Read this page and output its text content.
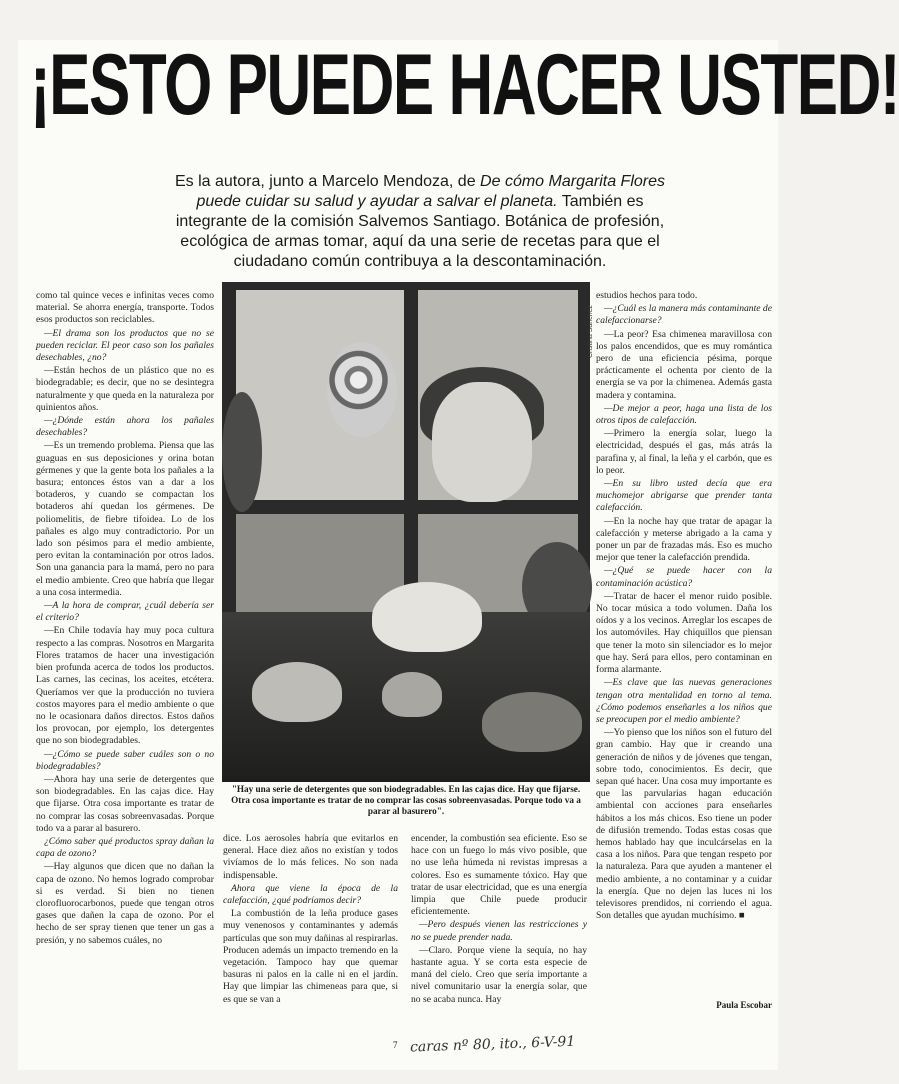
¡ESTO PUEDE HACER USTED!
Es la autora, junto a Marcelo Mendoza, de De cómo Margarita Flores puede cuidar su salud y ayudar a salvar el planeta. También es integrante de la comisión Salvemos Santiago. Botánica de profesión, ecológica de armas tomar, aquí da una serie de recetas para que el ciudadano común contribuya a la descontaminación.

como tal quince veces e infinitas veces como material. Se ahorra energía, transporte. Todos esos productos son reciclables.

—El drama son los productos que no se pueden reciclar. El peor caso son los pañales desechables, ¿no?

—Están hechos de un plástico que no es biodegradable; es decir, que no se desintegra naturalmente y que queda en la naturaleza por quinientos años.

—¿Dónde están ahora los pañales desechables?

—Es un tremendo problema. Piensa que las guaguas en sus deposiciones y orina botan gérmenes y que la gente bota los pañales a la basura; entonces éstos van a dar a los botaderos, y cuando se compactan los botaderos ahí quedan los gérmenes. De poliomelitis, de fiebre tifoidea. Lo de los pañales es algo muy contradictorio. Por un lado son pésimos para el medio ambiente, pero evitan la contaminación por otros lados. Son una ganancia para la mamá, pero no para el medio ambiente. Creo que habría que llegar a una cosa intermedia.

—A la hora de comprar, ¿cuál debería ser el criterio?

—En Chile todavía hay muy poca cultura respecto a las compras. Nosotros en Margarita Flores tratamos de hacer una investigación bien profunda acerca de todos los productos. Las carnes, las cecinas, los aceites, etcétera. Queríamos ver que la producción no tuviera costos mayores para el medio ambiente o que no le ocasionara daños directos. Estos daños los provocan, por ejemplo, los detergentes que no son biodegradables.

—¿Cómo se puede saber cuáles son o no biodegradables?

—Ahora hay una serie de detergentes que son biodegradables. En las cajas dice. Hay que fijarse. Otra cosa importante es tratar de no comprar las cosas sobreenvasadas. Porque todo va a parar al basurero.

¿Cómo saber qué productos spray dañan la capa de ozono?

—Hay algunos que dicen que no dañan la capa de ozono. No hemos logrado comprobar si es verdad. Si bien no tienen clorofluorocarbonos, puede que tengan otros gases que dañen la capa de ozono. Por el hecho de ser spray tienen que tener un gas a presión, y no sabemos cuáles, no

Cristina Sánchez
"Hay una serie de detergentes que son biodegradables. En las cajas dice. Hay que fijarse. Otra cosa importante es tratar de no comprar las cosas sobreenvasadas. Porque todo va a parar al basurero".

dice. Los aerosoles habría que evitarlos en general. Hace diez años no existían y todos vivíamos de lo más felices. No son nada indispensable.

Ahora que viene la época de la calefacción, ¿qué podríamos decir?

La combustión de la leña produce gases muy venenosos y contaminantes y además partículas que son muy dañinas al respirarlas. Producen además un impacto tremendo en la vegetación. Tampoco hay que quemar basuras ni palos en la calle ni en el jardín. Hay que limpiar las chimeneas para que, si es que se van a

encender, la combustión sea eficiente. Eso se hace con un fuego lo más vivo posible, que no use leña húmeda ni revistas impresas a colores. Eso es sumamente tóxico. Hay que tratar de usar electricidad, que es una energía limpia que Chile puede producir eficientemente.

—Pero después vienen las restricciones y no se puede prender nada.

—Claro. Porque viene la sequía, no hay hastante agua. Y se corta esta especie de maná del cielo. Creo que sería importante a nivel comunitario usar la energía solar, que no se acaba nunca. Hay

estudios hechos para todo.

—¿Cuál es la manera más contaminante de calefaccionarse?

—La peor? Esa chimenea maravillosa con los palos encendidos, que es muy romántica pero de una eficiencia pésima, porque prácticamente el ochenta por ciento de la energía se va por la chimenea. Además gasta madera y contamina.

—De mejor a peor, haga una lista de los otros tipos de calefacción.

—Primero la energía solar, luego la electricidad, después el gas, más atrás la parafina y, al final, la leña y el carbón, que es lo peor.

—En su libro usted decía que era muchomejor abrigarse que prender tanta calefacción.

—En la noche hay que tratar de apagar la calefacción y meterse abrigado a la cama y poner un par de frazadas más. Eso es mucho mejor que tener la calefacción prendida.

—¿Qué se puede hacer con la contaminación acústica?

—Tratar de hacer el menor ruido posible. No tocar música a todo volumen. Daña los oídos y a los vecinos. Arreglar los escapes de los automóviles. Hay chiquillos que piensan que tener la moto sin silenciador es lo mejor que hay. Será para ellos, pero contaminan en forma alarmante.

—Es clave que las nuevas generaciones tengan otra mentalidad en torno al tema. ¿Cómo podemos enseñarles a los niños que se preocupen por el medio ambiente?

—Yo pienso que los niños son el futuro del gran cambio. Hay que ir creando una generación de niños y de jóvenes que tengan, sobre todo, conocimientos. Es decir, que sepan qué hacer. Una cosa muy importante es que las parvularias hagan educación ambiental con acciones para enseñarles hábitos a los más chicos. Eso tiene un poder de difusión tremendo. Todas estas cosas que hemos hablado hay que inculcárselas en la casa a los niños. Para que tengan respeto por la naturaleza. Para que ayuden a mantener el medio ambiente, a no contaminar y a cuidar la energía. Que no dejen las luces ni los televisores prendidos, ni corriendo el agua. Son detalles que ayudan muchísimo. ■

Paula Escobar
7 caras nº 80, ito., 6-V-91
